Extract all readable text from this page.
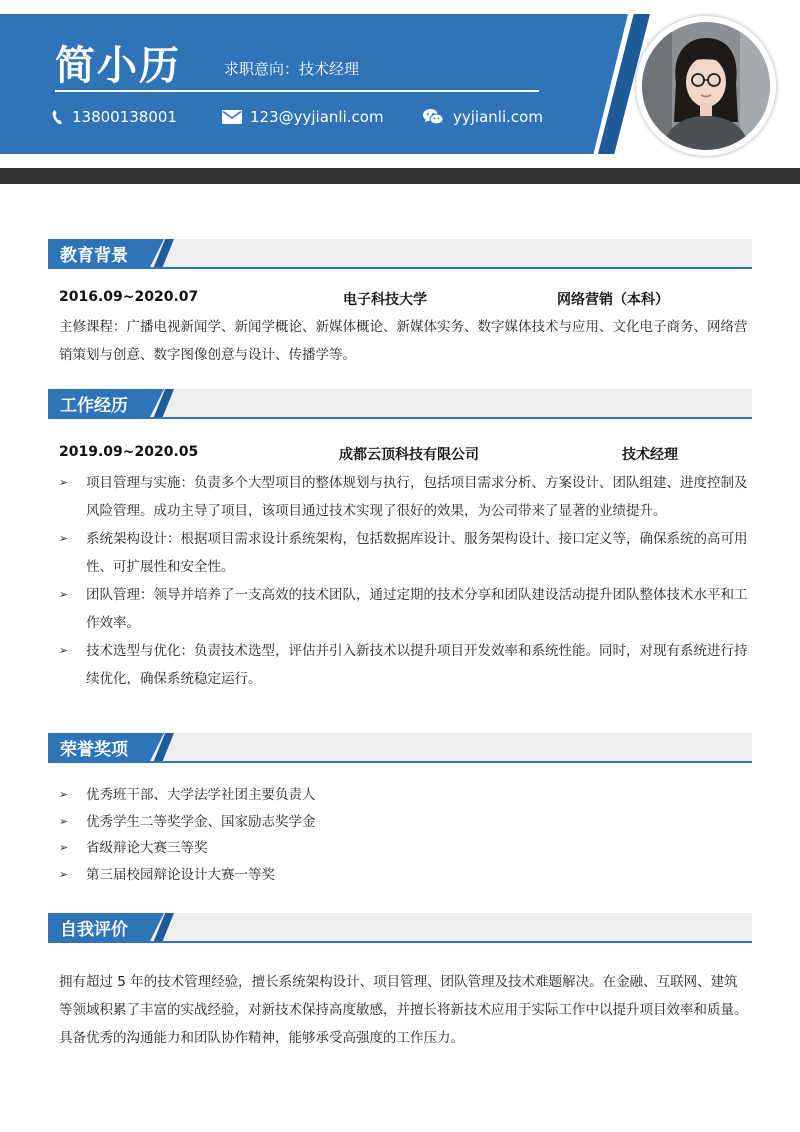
简小历	求职意向：技术经理
13800138001	123@yyjianli.com	yyjianli.com
教育背景
2016.09~2020.07	电子科技大学	网络营销（本科）
主修课程：广播电视新闻学、新闻学概论、新媒体概论、新媒体实务、数字媒体技术与应用、文化电子商务、网络营销策划与创意、数字图像创意与设计、传播学等。
工作经历
2019.09~2020.05	成都云顶科技有限公司	技术经理
➢ 项目管理与实施：负责多个大型项目的整体规划与执行，包括项目需求分析、方案设计、团队组建、进度控制及风险管理。成功主导了项目，该项目通过技术实现了很好的效果，为公司带来了显著的业绩提升。
➢ 系统架构设计：根据项目需求设计系统架构，包括数据库设计、服务架构设计、接口定义等，确保系统的高可用性、可扩展性和安全性。
➢ 团队管理：领导并培养了一支高效的技术团队，通过定期的技术分享和团队建设活动提升团队整体技术水平和工作效率。
➢ 技术选型与优化：负责技术选型，评估并引入新技术以提升项目开发效率和系统性能。同时，对现有系统进行持续优化，确保系统稳定运行。
荣誉奖项
➢ 优秀班干部、大学法学社团主要负责人
➢ 优秀学生二等奖学金、国家励志奖学金
➢ 省级辩论大赛三等奖
➢ 第三届校园辩论设计大赛一等奖
自我评价
拥有超过 5 年的技术管理经验，擅长系统架构设计、项目管理、团队管理及技术难题解决。在金融、互联网、建筑等领域积累了丰富的实战经验，对新技术保持高度敏感，并擅长将新技术应用于实际工作中以提升项目效率和质量。具备优秀的沟通能力和团队协作精神，能够承受高强度的工作压力。
